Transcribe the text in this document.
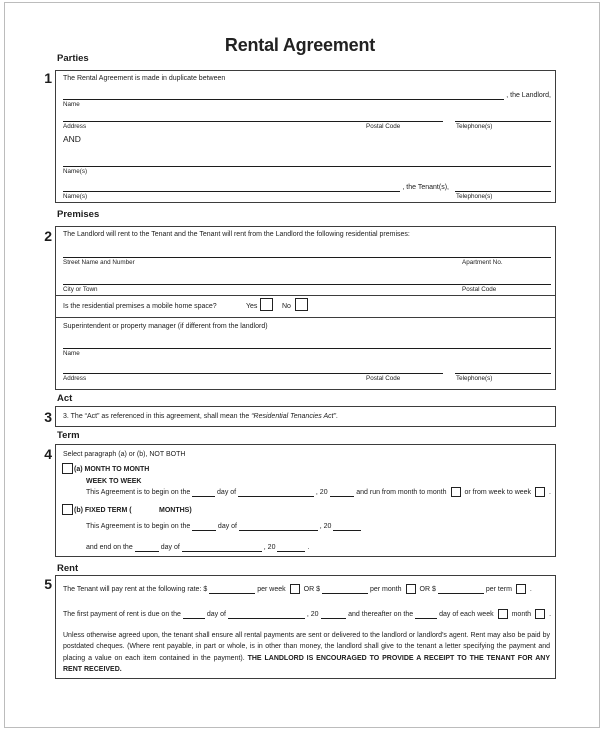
Rental Agreement
Parties
1 The Rental Agreement is made in duplicate between
, the Landlord,
Name
Address	Postal Code	Telephone(s)
AND
Name(s)
, the Tenant(s),
Name(s)	Telephone(s)
Premises
2 The Landlord will rent to the Tenant and the Tenant will rent from the Landlord the following residential premises:
Street Name and Number	Apartment No.
City or Town	Postal Code
Is the residential premises a mobile home space?	Yes	No
Superintendent or property manager (if different from the landlord)
Name
Address	Postal Code	Telephone(s)
Act
3 3. The “Act” as referenced in this agreement, shall mean the “Residential Tenancies Act”.
Term
4 Select paragraph (a) or (b), NOT BOTH
(a) MONTH TO MONTH
WEEK TO WEEK
This Agreement is to begin on the	day of	, 20	and run from month to month	or from week to week	.
(b) FIXED TERM (	MONTHS)
This Agreement is to begin on the	day of	, 20
and end on the	day of	, 20	.
Rent
5 The Tenant will pay rent at the following rate: $	per week	OR $	per month	OR $	per term	.
The first payment of rent is due on the	day of	, 20	and thereafter on the	day of each week	month	.
Unless otherwise agreed upon, the tenant shall ensure all rental payments are sent or delivered to the landlord or landlord's agent. Rent may also be paid by postdated cheques. (Where rent payable, in part or whole, is in other than money, the landlord shall give to the tenant a letter specifying the payment and placing a value on each item contained in the payment). THE LANDLORD IS ENCOURAGED TO PROVIDE A RECEIPT TO THE TENANT FOR ANY RENT RECEIVED.
